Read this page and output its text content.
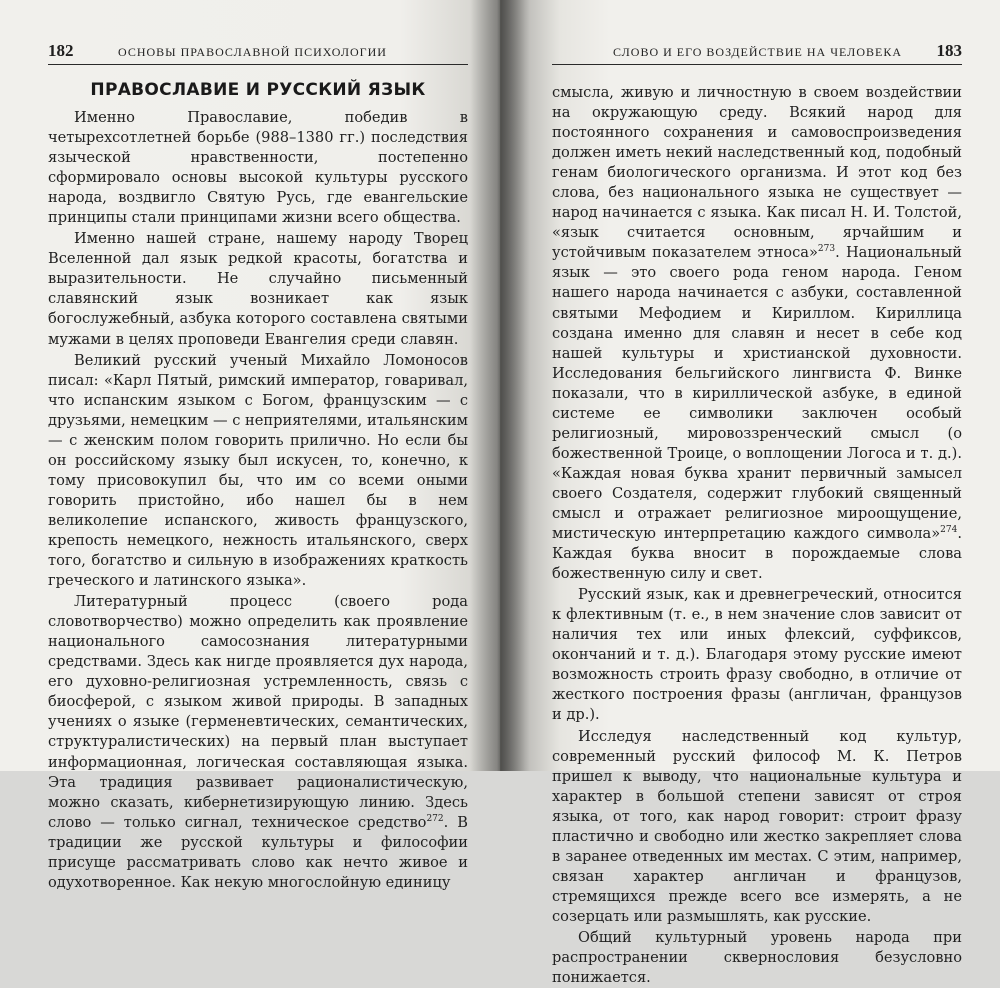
182	ОСНОВЫ ПРАВОСЛАВНОЙ ПСИХОЛОГИИ
ПРАВОСЛАВИЕ И РУССКИЙ ЯЗЫК

Именно Православие, победив в четырехсотлетней борьбе (988–1380 гг.) последствия языческой нравственности, постепенно сформировало основы высокой культуры русского народа, воздвигло Святую Русь, где евангельские принципы стали принципами жизни всего общества.

Именно нашей стране, нашему народу Творец Вселенной дал язык редкой красоты, богатства и выразительности. Не случайно письменный славянский язык возникает как язык богослужебный, азбука которого составлена святыми мужами в целях проповеди Евангелия среди славян.

Великий русский ученый Михайло Ломоносов писал: «Карл Пятый, римский император, говаривал, что испанским языком с Богом, французским — с друзьями, немецким — с неприятелями, итальянским — с женским полом говорить прилично. Но если бы он российскому языку был искусен, то, конечно, к тому присовокупил бы, что им со всеми оными говорить пристойно, ибо нашел бы в нем великолепие испанского, живость французского, крепость немецкого, нежность итальянского, сверх того, богатство и сильную в изображениях краткость греческого и латинского языка».

Литературный процесс (своего рода словотворчество) можно определить как проявление национального самосознания литературными средствами. Здесь как нигде проявляется дух народа, его духовно-религиозная устремленность, связь с биосферой, с языком живой природы. В западных учениях о языке (герменевтических, семантических, структуралистических) на первый план выступает информационная, логическая составляющая языка. Эта традиция развивает рационалистическую, можно сказать, кибернетизирующую линию. Здесь слово — только сигнал, техническое средство$^{272}$. В традиции же русской культуры и философии присуще рассматривать слово как нечто живое и одухотворенное. Как некую многослойную единицу

СЛОВО И ЕГО ВОЗДЕЙСТВИЕ НА ЧЕЛОВЕКА 183

смысла, живую и личностную в своем воздействии на окружающую среду. Всякий народ для постоянного сохранения и самовоспроизведения должен иметь некий наследственный код, подобный генам биологического организма. И этот код без слова, без национального языка не существует — народ начинается с языка. Как писал Н. И. Толстой, «язык считается основным, ярчайшим и устойчивым показателем этноса»$^{273}$. Национальный язык — это своего рода геном народа. Геном нашего народа начинается с азбуки, составленной святыми Мефодием и Кириллом. Кириллица создана именно для славян и несет в себе код нашей культуры и христианской духовности. Исследования бельгийского лингвиста Ф. Винке показали, что в кириллической азбуке, в единой системе ее символики заключен особый религиозный, мировоззренческий смысл (о божественной Троице, о воплощении Логоса и т. д.). «Каждая новая буква хранит первичный замысел своего Создателя, содержит глубокий священный смысл и отражает религиозное мироощущение, мистическую интерпретацию каждого символа»$^{274}$. Каждая буква вносит в порождаемые слова божественную силу и свет.

Русский язык, как и древнегреческий, относится к флективным (т. е., в нем значение слов зависит от наличия тех или иных флексий, суффиксов, окончаний и т. д.). Благодаря этому русские имеют возможность строить фразу свободно, в отличие от жесткого построения фразы (англичан, французов и др.).

Исследуя наследственный код культур, современный русский философ М. К. Петров пришел к выводу, что национальные культура и характер в большой степени зависят от строя языка, от того, как народ говорит: строит фразу пластично и свободно или жестко закрепляет слова в заранее отведенных им местах. С этим, например, связан характер англичан и французов, стремящихся прежде всего все измерять, а не созерцать или размышлять, как русские.

Общий культурный уровень народа при распространении сквернословия безусловно понижается.
